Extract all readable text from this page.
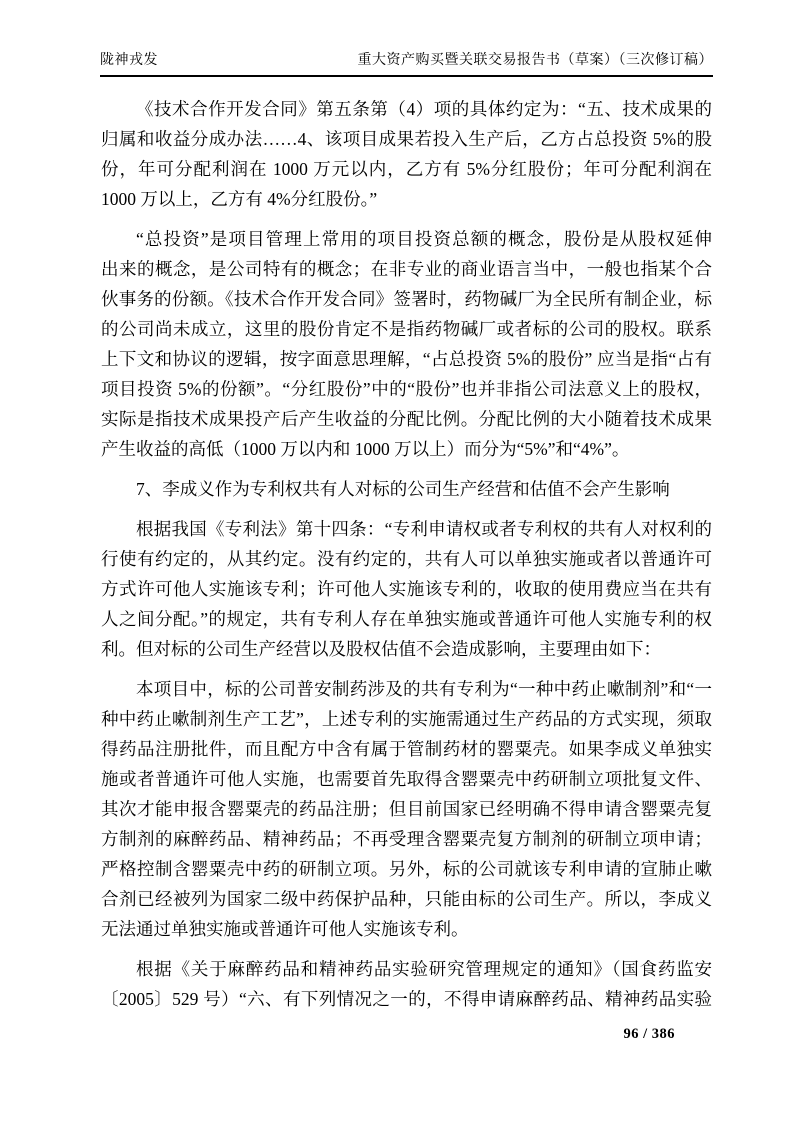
陇神戎发	重大资产购买暨关联交易报告书（草案）（三次修订稿）
《技术合作开发合同》第五条第（4）项的具体约定为：“五、技术成果的
归属和收益分成办法……4、该项目成果若投入生产后，乙方占总投资 5%的股
份，年可分配利润在 1000 万元以内，乙方有 5%分红股份；年可分配利润在
1000 万以上，乙方有 4%分红股份。”
“总投资”是项目管理上常用的项目投资总额的概念，股份是从股权延伸
出来的概念，是公司特有的概念；在非专业的商业语言当中，一般也指某个合
伙事务的份额。《技术合作开发合同》签署时，药物碱厂为全民所有制企业，标
的公司尚未成立，这里的股份肯定不是指药物碱厂或者标的公司的股权。联系
上下文和协议的逻辑，按字面意思理解，“占总投资 5%的股份” 应当是指“占有
项目投资 5%的份额”。“分红股份”中的“股份”也并非指公司法意义上的股权，
实际是指技术成果投产后产生收益的分配比例。分配比例的大小随着技术成果
产生收益的高低（1000 万以内和 1000 万以上）而分为“5%”和“4%”。
7、李成义作为专利权共有人对标的公司生产经营和估值不会产生影响
根据我国《专利法》第十四条：“专利申请权或者专利权的共有人对权利的
行使有约定的，从其约定。没有约定的，共有人可以单独实施或者以普通许可
方式许可他人实施该专利；许可他人实施该专利的，收取的使用费应当在共有
人之间分配。”的规定，共有专利人存在单独实施或普通许可他人实施专利的权
利。但对标的公司生产经营以及股权估值不会造成影响，主要理由如下：
本项目中，标的公司普安制药涉及的共有专利为“一种中药止嗽制剂”和“一
种中药止嗽制剂生产工艺”，上述专利的实施需通过生产药品的方式实现，须取
得药品注册批件，而且配方中含有属于管制药材的罂粟壳。如果李成义单独实
施或者普通许可他人实施，也需要首先取得含罂粟壳中药研制立项批复文件、
其次才能申报含罂粟壳的药品注册；但目前国家已经明确不得申请含罂粟壳复
方制剂的麻醉药品、精神药品；不再受理含罂粟壳复方制剂的研制立项申请；
严格控制含罂粟壳中药的研制立项。另外，标的公司就该专利申请的宣肺止嗽
合剂已经被列为国家二级中药保护品种，只能由标的公司生产。所以，李成义
无法通过单独实施或普通许可他人实施该专利。
根据《关于麻醉药品和精神药品实验研究管理规定的通知》（国食药监安
〔2005〕529 号）“六、有下列情况之一的，不得申请麻醉药品、精神药品实验
96 / 386
